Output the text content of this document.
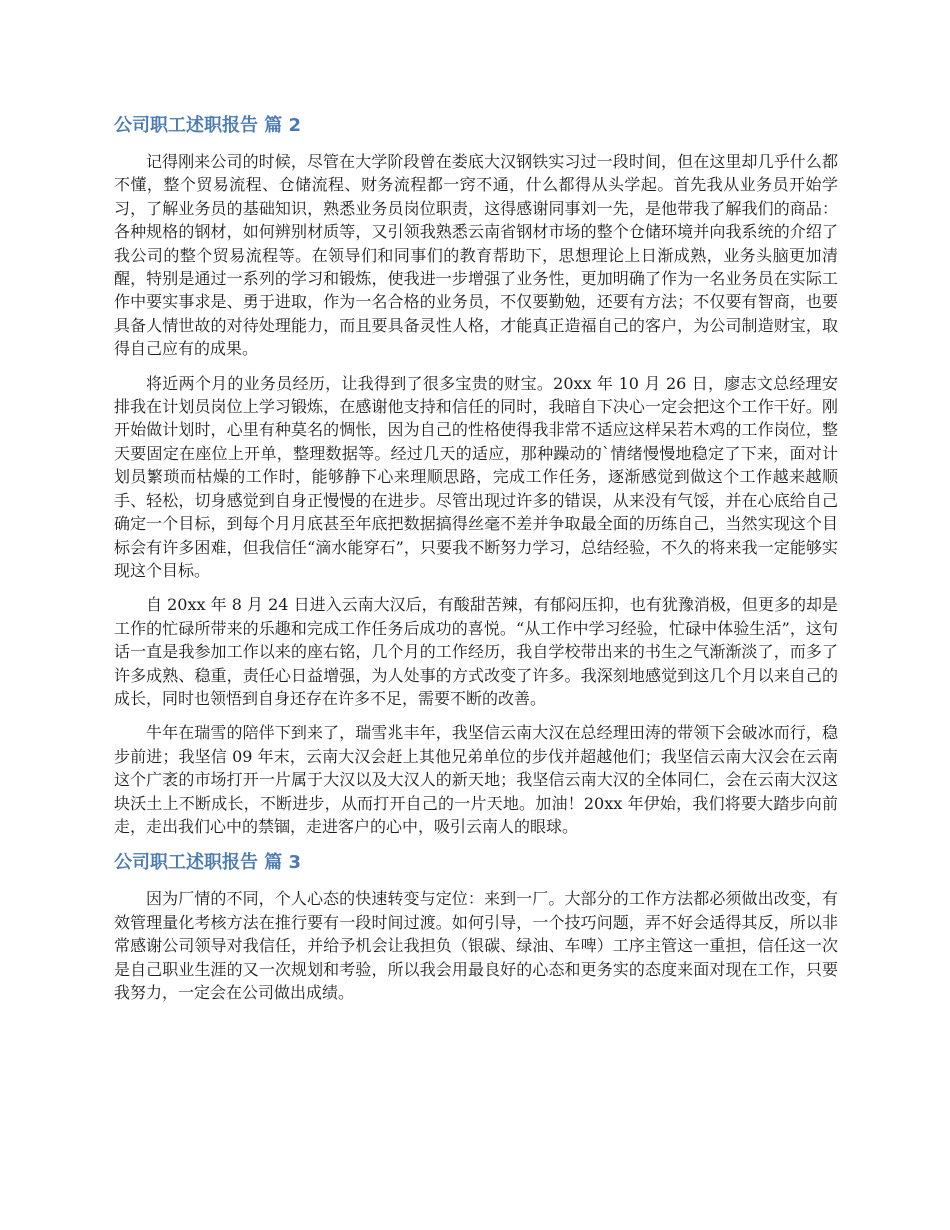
公司职工述职报告 篇 2

记得刚来公司的时候，尽管在大学阶段曾在娄底大汉钢铁实习过一段时间，但在这里却几乎什么都不懂，整个贸易流程、仓储流程、财务流程都一窍不通，什么都得从头学起。首先我从业务员开始学习，了解业务员的基础知识，熟悉业务员岗位职责，这得感谢同事刘一先，是他带我了解我们的商品：各种规格的钢材，如何辨别材质等，又引领我熟悉云南省钢材市场的整个仓储环境并向我系统的介绍了我公司的整个贸易流程等。在领导们和同事们的教育帮助下，思想理论上日渐成熟，业务头脑更加清醒，特别是通过一系列的学习和锻炼，使我进一步增强了业务性，更加明确了作为一名业务员在实际工作中要实事求是、勇于进取，作为一名合格的业务员，不仅要勤勉，还要有方法；不仅要有智商，也要具备人情世故的对待处理能力，而且要具备灵性人格，才能真正造福自己的客户，为公司制造财宝，取得自己应有的成果。

将近两个月的业务员经历，让我得到了很多宝贵的财宝。20xx 年 10 月 26 日，廖志文总经理安排我在计划员岗位上学习锻炼，在感谢他支持和信任的同时，我暗自下决心一定会把这个工作干好。刚开始做计划时，心里有种莫名的惆怅，因为自己的性格使得我非常不适应这样呆若木鸡的工作岗位，整天要固定在座位上开单，整理数据等。经过几天的适应，那种躁动的`情绪慢慢地稳定了下来，面对计划员繁琐而枯燥的工作时，能够静下心来理顺思路，完成工作任务，逐渐感觉到做这个工作越来越顺手、轻松，切身感觉到自身正慢慢的在进步。尽管出现过许多的错误，从来没有气馁，并在心底给自己确定一个目标，到每个月月底甚至年底把数据搞得丝毫不差并争取最全面的历练自己，当然实现这个目标会有许多困难，但我信任“滴水能穿石”，只要我不断努力学习，总结经验，不久的将来我一定能够实现这个目标。

自 20xx 年 8 月 24 日进入云南大汉后，有酸甜苦辣，有郁闷压抑，也有犹豫消极，但更多的却是工作的忙碌所带来的乐趣和完成工作任务后成功的喜悦。“从工作中学习经验，忙碌中体验生活”，这句话一直是我参加工作以来的座右铭，几个月的工作经历，我自学校带出来的书生之气渐渐淡了，而多了许多成熟、稳重，责任心日益增强，为人处事的方式改变了许多。我深刻地感觉到这几个月以来自己的成长，同时也领悟到自身还存在许多不足，需要不断的改善。

牛年在瑞雪的陪伴下到来了，瑞雪兆丰年，我坚信云南大汉在总经理田涛的带领下会破冰而行，稳步前进；我坚信 09 年末，云南大汉会赶上其他兄弟单位的步伐并超越他们；我坚信云南大汉会在云南这个广袤的市场打开一片属于大汉以及大汉人的新天地；我坚信云南大汉的全体同仁，会在云南大汉这块沃土上不断成长，不断进步，从而打开自己的一片天地。加油！20xx 年伊始，我们将要大踏步向前走，走出我们心中的禁锢，走进客户的心中，吸引云南人的眼球。

公司职工述职报告 篇 3

因为厂情的不同，个人心态的快速转变与定位：来到一厂。大部分的工作方法都必须做出改变，有效管理量化考核方法在推行要有一段时间过渡。如何引导，一个技巧问题，弄不好会适得其反，所以非常感谢公司领导对我信任，并给予机会让我担负（银碳、绿油、车啤）工序主管这一重担，信任这一次是自己职业生涯的又一次规划和考验，所以我会用最良好的心态和更务实的态度来面对现在工作，只要我努力，一定会在公司做出成绩。
